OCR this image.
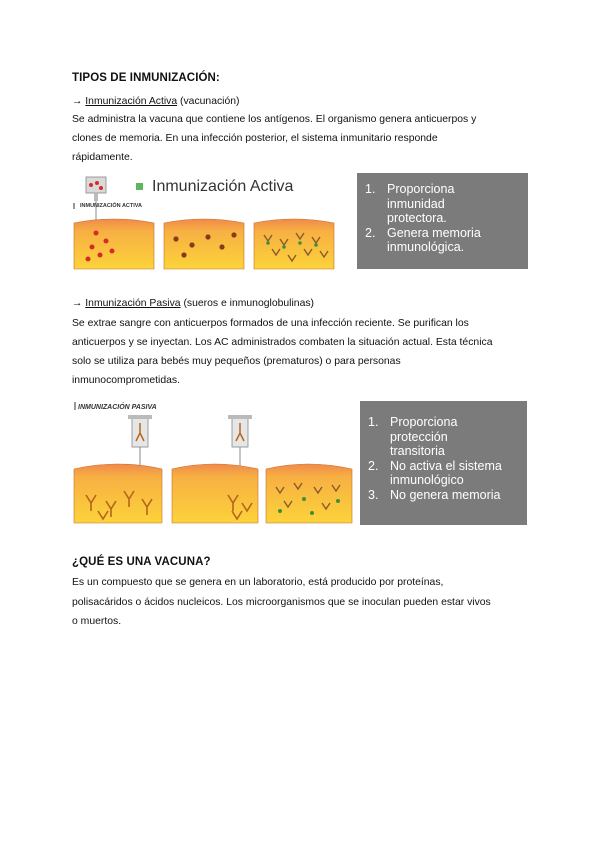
TIPOS DE INMUNIZACIÓN:
→ Inmunización Activa (vacunación)
Se administra la vacuna que contiene los antígenos. El organismo genera anticuerpos y
clones de memoria. En una infección posterior, el sistema inmunitario responde
rápidamente.
Inmunización Activa
INMUNIZACIÓN ACTIVA
1. Proporciona
inmunidad
protectora.
2. Genera memoria
inmunológica.
→ Inmunización Pasiva (sueros e inmunoglobulinas)
Se extrae sangre con anticuerpos formados de una infección reciente. Se purifican los
anticuerpos y se inyectan. Los AC administrados combaten la situación actual. Esta técnica
solo se utiliza para bebés muy pequeños (prematuros) o para personas
inmunocomprometidas.
INMUNIZACIÓN PASIVA
1. Proporciona
protección
transitoria
2. No activa el sistema
inmunológico
3. No genera memoria
¿QUÉ ES UNA VACUNA?
Es un compuesto que se genera en un laboratorio, está producido por proteínas,
polisacáridos o ácidos nucleicos. Los microorganismos que se inoculan pueden estar vivos
o muertos.
